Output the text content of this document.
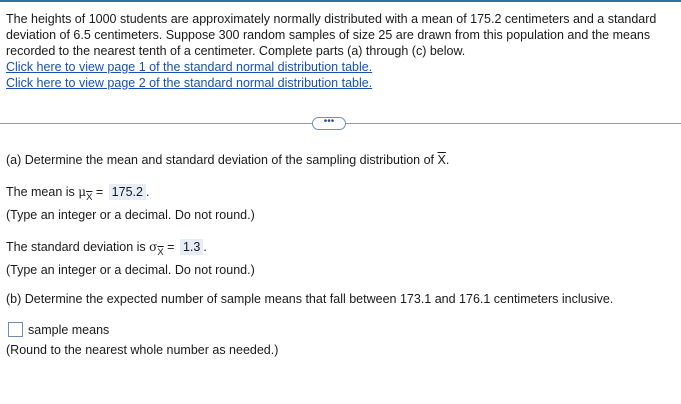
The heights of 1000 students are approximately normally distributed with a mean of 175.2 centimeters and a standard deviation of 6.5 centimeters. Suppose 300 random samples of size 25 are drawn from this population and the means recorded to the nearest tenth of a centimeter. Complete parts (a) through (c) below.

Click here to view page 1 of the standard normal distribution table.
Click here to view page 2 of the standard normal distribution table.
•••
(a) Determine the mean and standard deviation of the sampling distribution of $\overline{X}$.
The mean is $\mu\overline{X} = 175.2$ .
(Type an integer or a decimal. Do not round.)
The standard deviation is $\sigma\overline{X} = 1.3$ .
(Type an integer or a decimal. Do not round.)
(b) Determine the expected number of sample means that fall between 173.1 and 176.1 centimeters inclusive.
sample means
(Round to the nearest whole number as needed.)
